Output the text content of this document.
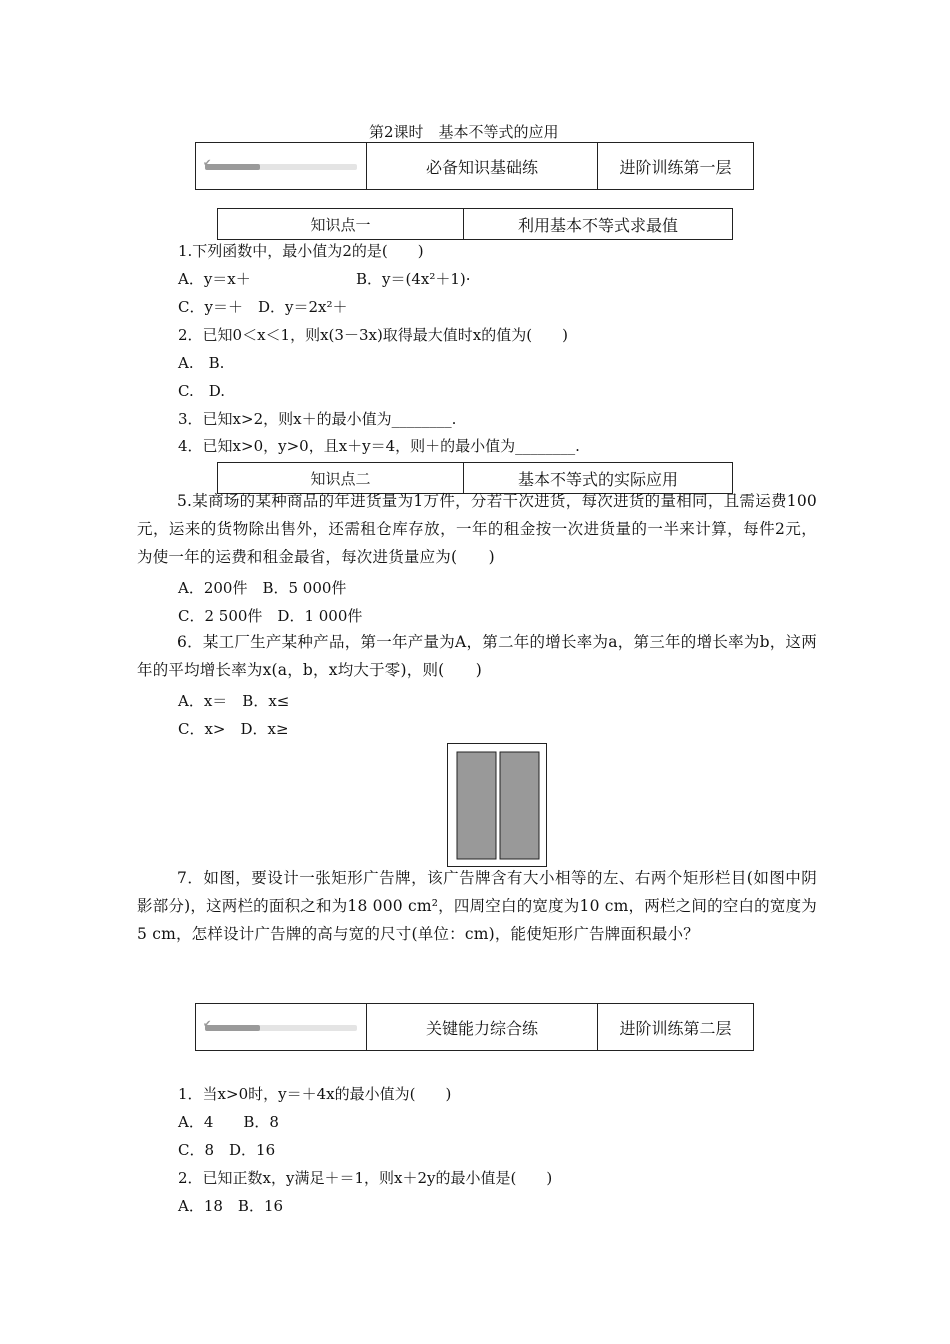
第2课时　基本不等式的应用
✔	必备知识基础练	进阶训练第一层
知识点一	利用基本不等式求最值
1.下列函数中，最小值为2的是(　　)
A．y＝x＋	B．y＝(4x²＋1)·
C．y＝＋　D．y＝2x²＋
2．已知0＜x＜1，则x(3－3x)取得最大值时x的值为(　　)
A.　B.
C.　D.
3．已知x>2，则x＋的最小值为________.
4．已知x>0，y>0，且x＋y＝4，则＋的最小值为________.
知识点二	基本不等式的实际应用
5.某商场的某种商品的年进货量为1万件，分若干次进货，每次进货的量相同，且需运费100元，运来的货物除出售外，还需租仓库存放，一年的租金按一次进货量的一半来计算，每件2元，为使一年的运费和租金最省，每次进货量应为(　　)
A．200件　B．5 000件
C．2 500件　D．1 000件
6．某工厂生产某种产品，第一年产量为A，第二年的增长率为a，第三年的增长率为b，这两年的平均增长率为x(a，b，x均大于零)，则(　　)
A．x＝　B．x≤
C．x>　D．x≥
7．如图，要设计一张矩形广告牌，该广告牌含有大小相等的左、右两个矩形栏目(如图中阴影部分)，这两栏的面积之和为18 000 cm²，四周空白的宽度为10 cm，两栏之间的空白的宽度为5 cm，怎样设计广告牌的高与宽的尺寸(单位：cm)，能使矩形广告牌面积最小？
✔	关键能力综合练	进阶训练第二层
1．当x>0时，y＝＋4x的最小值为(　　)
A．4　　B．8
C．8　D．16
2．已知正数x，y满足＋＝1，则x＋2y的最小值是(　　)
A．18　B．16
